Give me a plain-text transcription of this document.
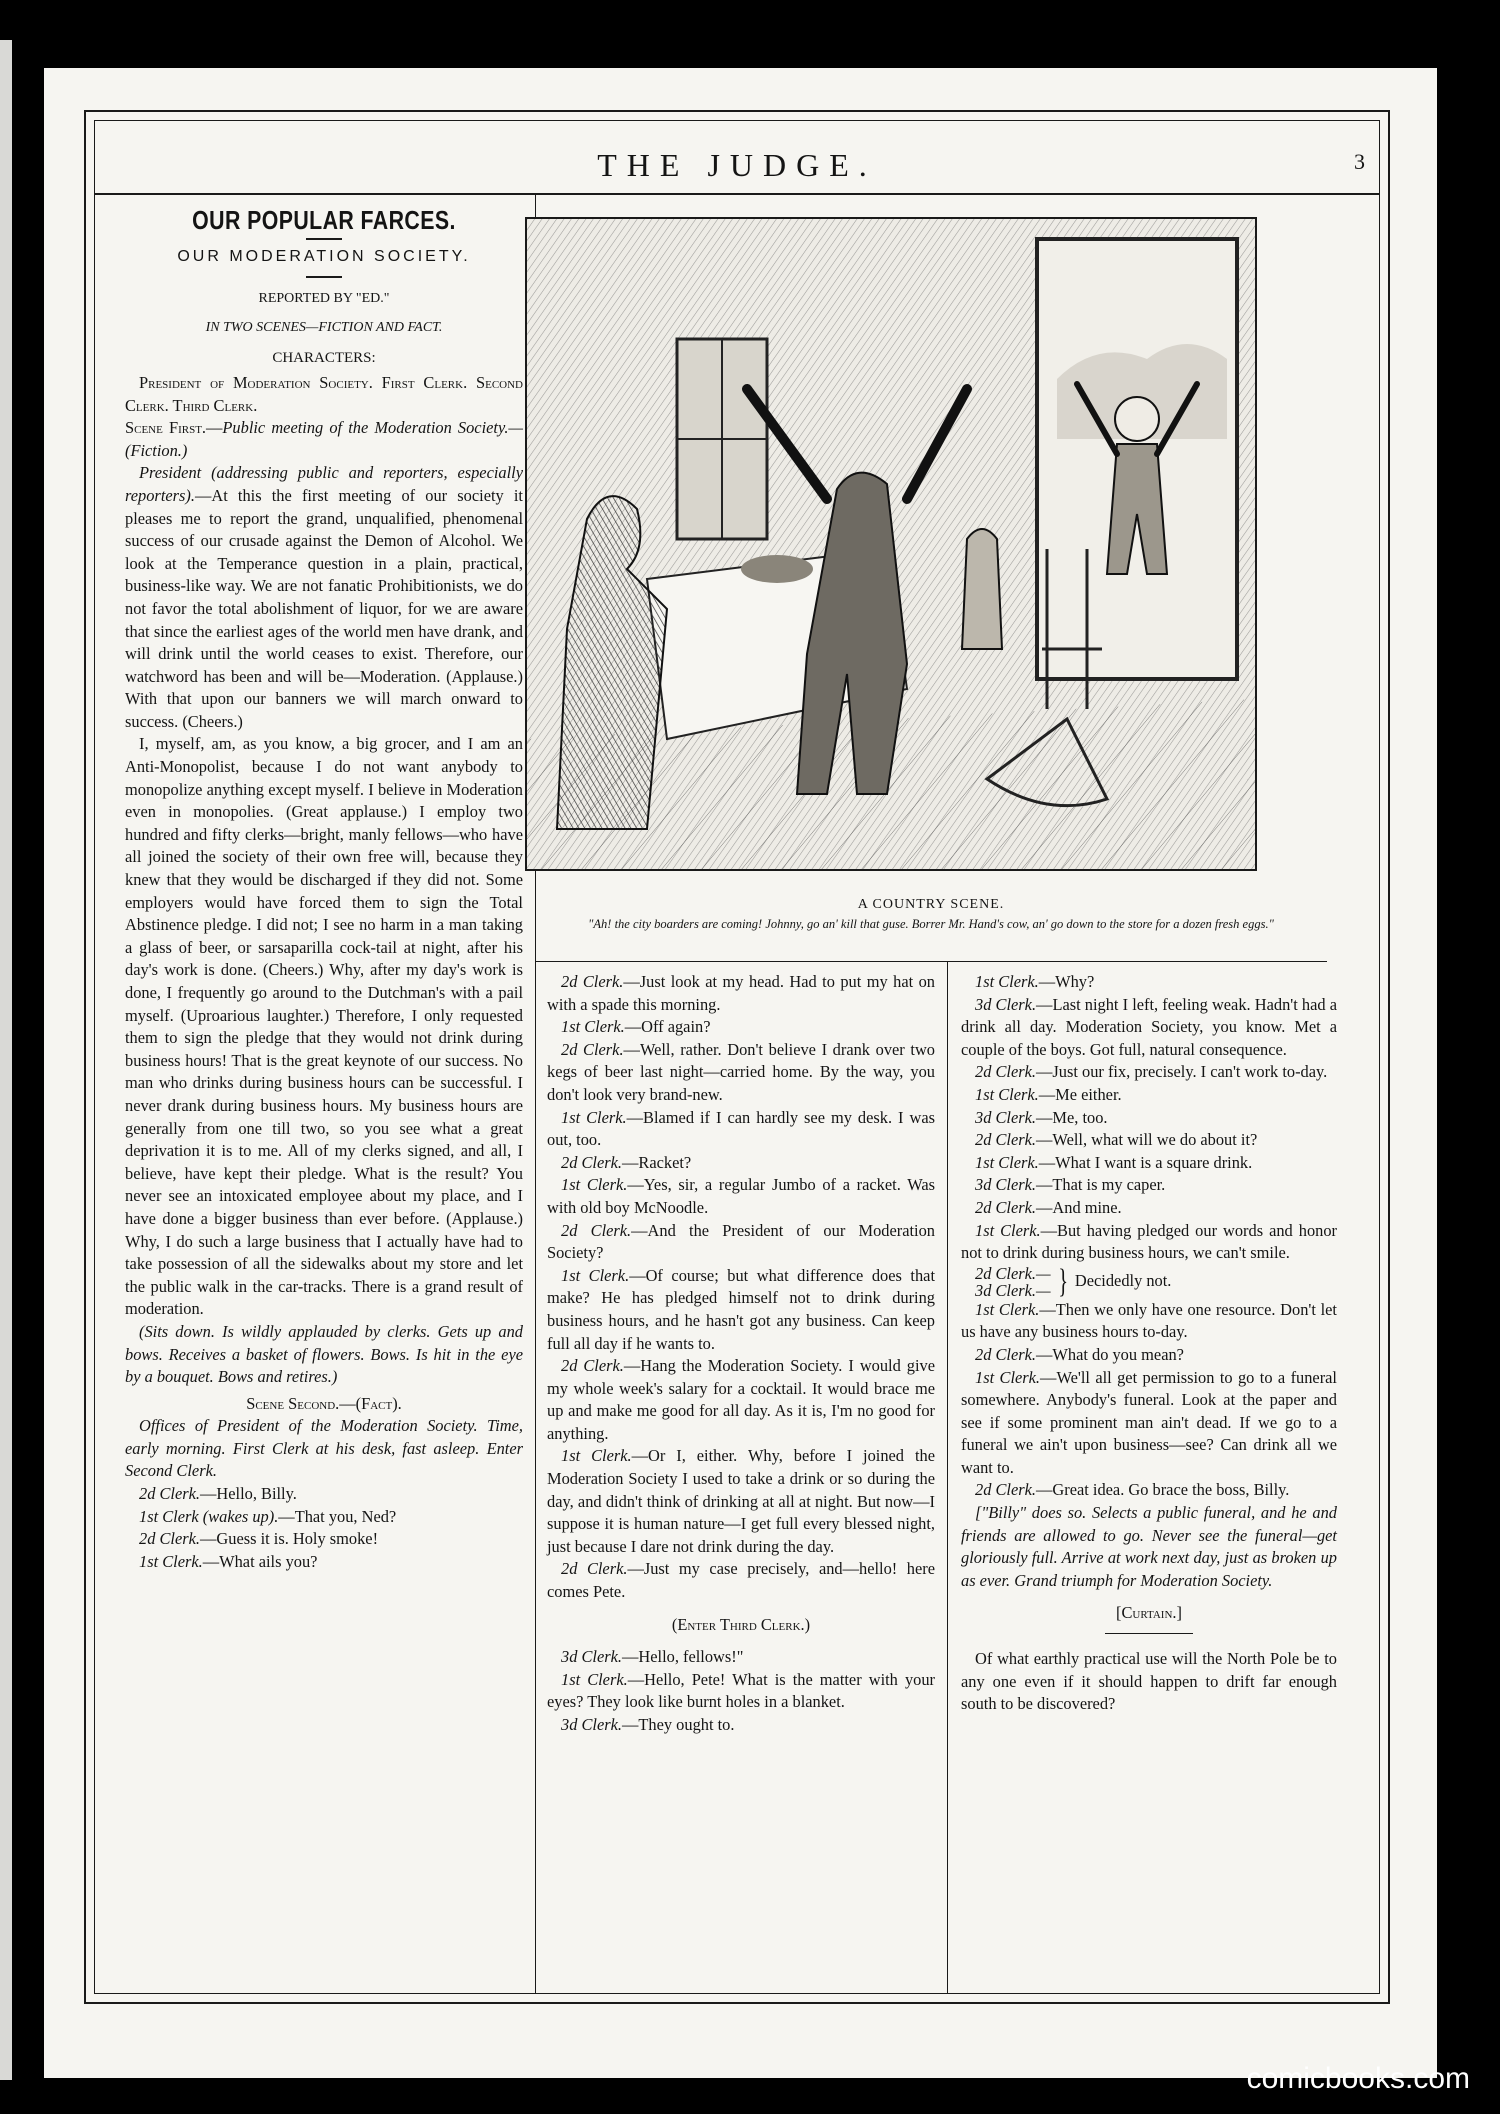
THE JUDGE.	3
OUR POPULAR FARCES.
OUR MODERATION SOCIETY.
REPORTED BY "ED."
IN TWO SCENES—FICTION AND FACT.
CHARACTERS:

President of Moderation Society. First Clerk. Second Clerk. Third Clerk.

Scene First.—Public meeting of the Moderation Society.—(Fiction.)

President (addressing public and reporters, especially reporters).—At this the first meeting of our society it pleases me to report the grand, unqualified, phenomenal success of our crusade against the Demon of Alcohol. We look at the Temperance question in a plain, practical, business-like way. We are not fanatic Prohibitionists, we do not favor the total abolishment of liquor, for we are aware that since the earliest ages of the world men have drank, and will drink until the world ceases to exist. Therefore, our watchword has been and will be—Moderation. (Applause.) With that upon our banners we will march onward to success. (Cheers.)

I, myself, am, as you know, a big grocer, and I am an Anti-Monopolist, because I do not want anybody to monopolize anything except myself. I believe in Moderation even in monopolies. (Great applause.) I employ two hundred and fifty clerks—bright, manly fellows—who have all joined the society of their own free will, because they knew that they would be discharged if they did not. Some employers would have forced them to sign the Total Abstinence pledge. I did not; I see no harm in a man taking a glass of beer, or sarsaparilla cock-tail at night, after his day's work is done. (Cheers.) Why, after my day's work is done, I frequently go around to the Dutchman's with a pail myself. (Uproarious laughter.) Therefore, I only requested them to sign the pledge that they would not drink during business hours! That is the great keynote of our success. No man who drinks during business hours can be successful. I never drank during business hours. My business hours are generally from one till two, so you see what a great deprivation it is to me. All of my clerks signed, and all, I believe, have kept their pledge. What is the result? You never see an intoxicated employee about my place, and I have done a bigger business than ever before. (Applause.) Why, I do such a large business that I actually have had to take possession of all the sidewalks about my store and let the public walk in the car-tracks. There is a grand result of moderation.

(Sits down. Is wildly applauded by clerks. Gets up and bows. Receives a basket of flowers. Bows. Is hit in the eye by a bouquet. Bows and retires.)

Scene Second.—(Fact).

Offices of President of the Moderation Society. Time, early morning. First Clerk at his desk, fast asleep. Enter Second Clerk.

2d Clerk.—Hello, Billy.

1st Clerk (wakes up).—That you, Ned?

2d Clerk.—Guess it is. Holy smoke!

1st Clerk.—What ails you?

A COUNTRY SCENE.
"Ah! the city boarders are coming! Johnny, go an' kill that guse. Borrer Mr. Hand's cow, an' go down to the store for a dozen fresh eggs."

2d Clerk.—Just look at my head. Had to put my hat on with a spade this morning.

1st Clerk.—Off again?

2d Clerk.—Well, rather. Don't believe I drank over two kegs of beer last night—carried home. By the way, you don't look very brand-new.

1st Clerk.—Blamed if I can hardly see my desk. I was out, too.

2d Clerk.—Racket?

1st Clerk.—Yes, sir, a regular Jumbo of a racket. Was with old boy McNoodle.

2d Clerk.—And the President of our Moderation Society?

1st Clerk.—Of course; but what difference does that make? He has pledged himself not to drink during business hours, and he hasn't got any business. Can keep full all day if he wants to.

2d Clerk.—Hang the Moderation Society. I would give my whole week's salary for a cocktail. It would brace me up and make me good for all day. As it is, I'm no good for anything.

1st Clerk.—Or I, either. Why, before I joined the Moderation Society I used to take a drink or so during the day, and didn't think of drinking at all at night. But now—I suppose it is human nature—I get full every blessed night, just because I dare not drink during the day.

2d Clerk.—Just my case precisely, and—hello! here comes Pete.

(Enter Third Clerk.)

3d Clerk.—Hello, fellows!"

1st Clerk.—Hello, Pete! What is the matter with your eyes? They look like burnt holes in a blanket.

3d Clerk.—They ought to.

1st Clerk.—Why?

3d Clerk.—Last night I left, feeling weak. Hadn't had a drink all day. Moderation Society, you know. Met a couple of the boys. Got full, natural consequence.

2d Clerk.—Just our fix, precisely. I can't work to-day.

1st Clerk.—Me either.

3d Clerk.—Me, too.

2d Clerk.—Well, what will we do about it?

1st Clerk.—What I want is a square drink.

3d Clerk.—That is my caper.

2d Clerk.—And mine.

1st Clerk.—But having pledged our words and honor not to drink during business hours, we can't smile.

2d Clerk.—
3d Clerk.— } Decidedly not.

1st Clerk.—Then we only have one resource. Don't let us have any business hours to-day.

2d Clerk.—What do you mean?

1st Clerk.—We'll all get permission to go to a funeral somewhere. Anybody's funeral. Look at the paper and see if some prominent man ain't dead. If we go to a funeral we ain't upon business—see? Can drink all we want to.

2d Clerk.—Great idea. Go brace the boss, Billy.

["Billy" does so. Selects a public funeral, and he and friends are allowed to go. Never see the funeral—get gloriously full. Arrive at work next day, just as broken up as ever. Grand triumph for Moderation Society.

[Curtain.]

Of what earthly practical use will the North Pole be to any one even if it should happen to drift far enough south to be discovered?

comicbooks.com
